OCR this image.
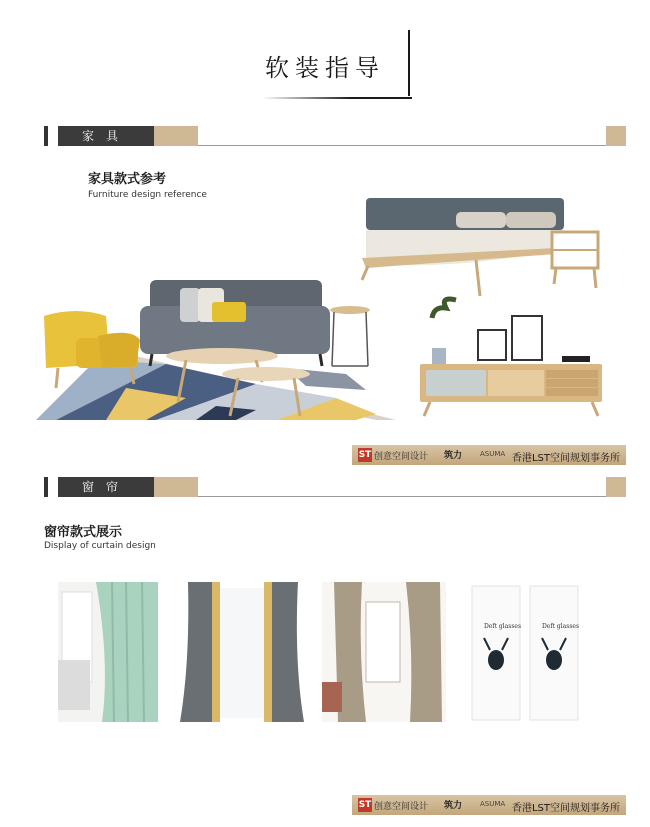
软装指导
家具
家具款式参考
Furniture design reference
ST 创意空间设计 筑力	ASUMA 香港LST空间规划事务所
窗帘
窗帘款式展示
Display of curtain design
Deft glasses	Deft glasses
ST 创意空间设计 筑力	ASUMA 香港LST空间规划事务所
